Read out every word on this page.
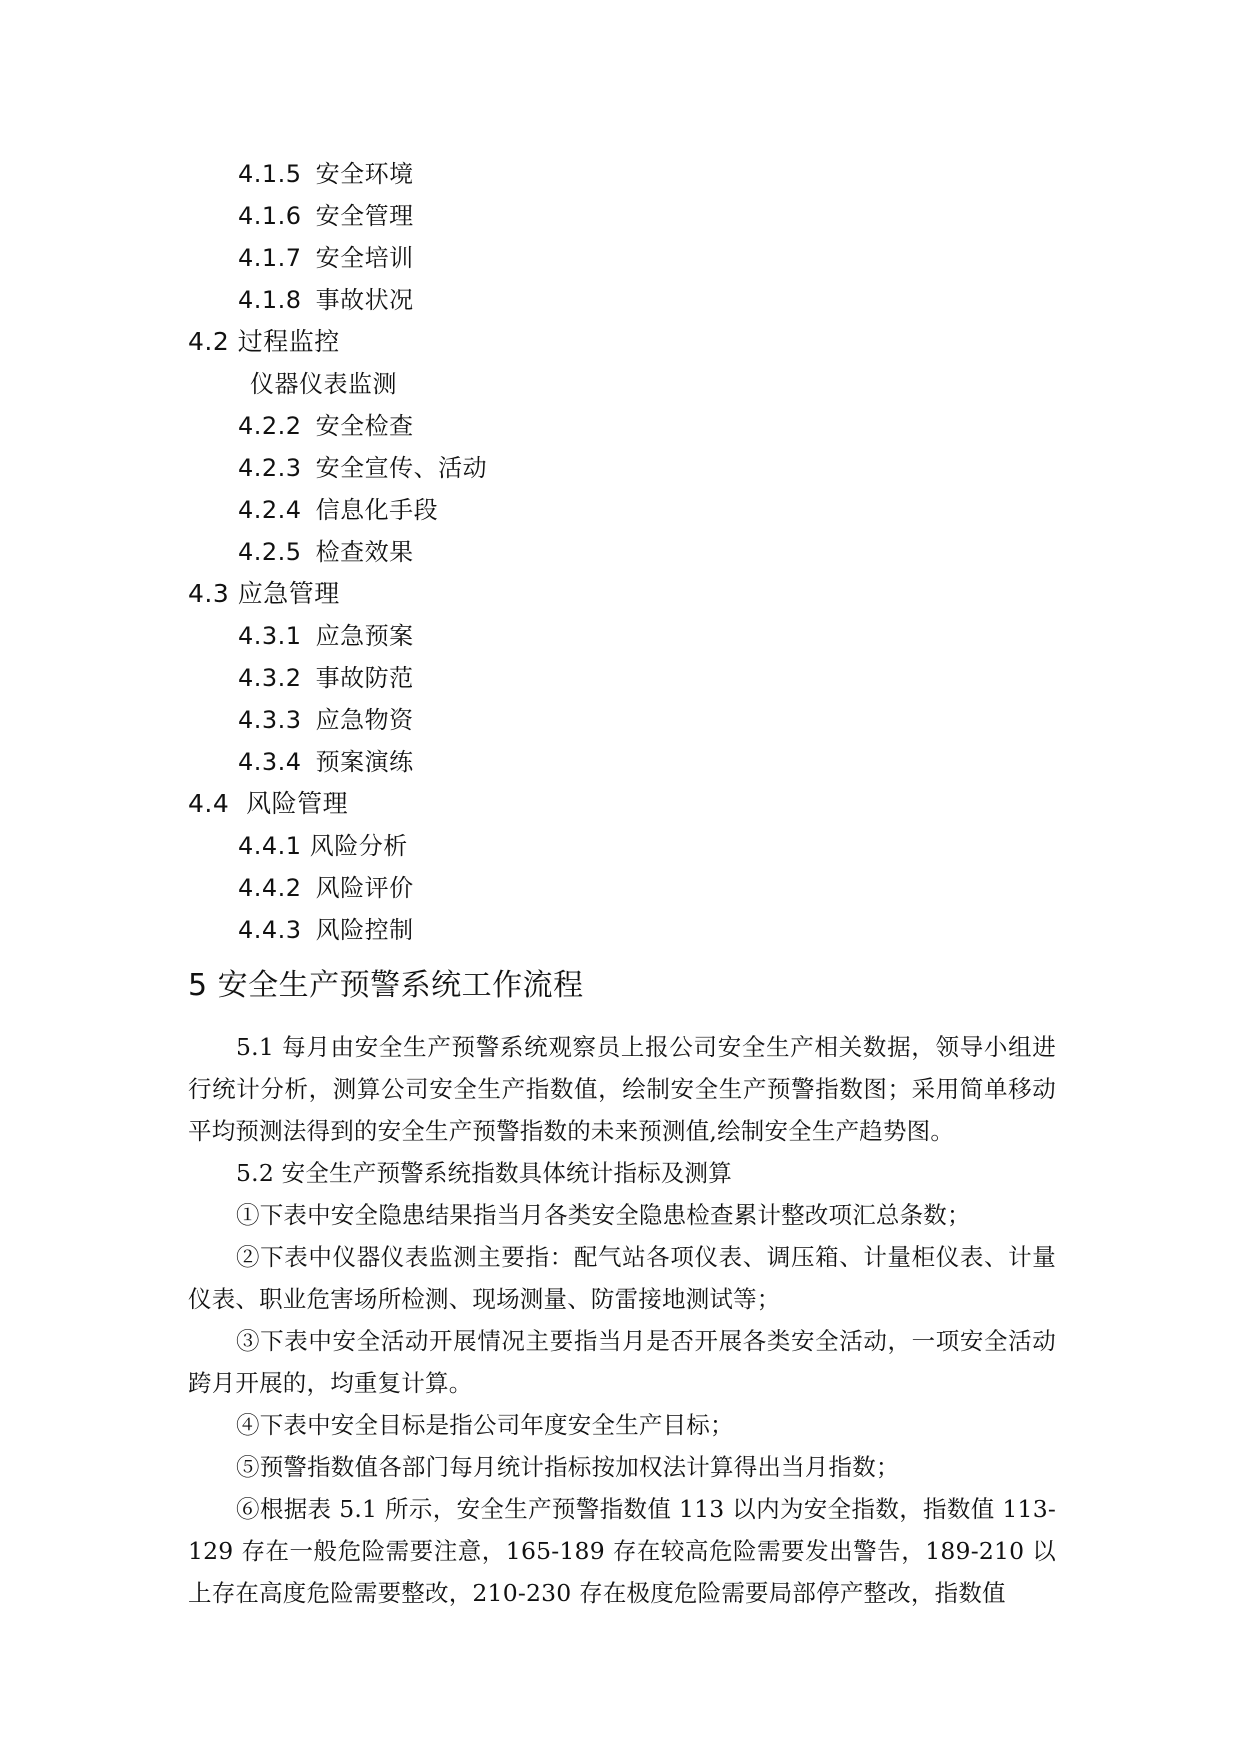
4.1.5 安全环境
4.1.6 安全管理
4.1.7 安全培训
4.1.8 事故状况
4.2 过程监控
仪器仪表监测
4.2.2 安全检查
4.2.3 安全宣传、活动
4.2.4 信息化手段
4.2.5 检查效果
4.3 应急管理
4.3.1 应急预案
4.3.2 事故防范
4.3.3 应急物资
4.3.4 预案演练
4.4  风险管理
4.4.1 风险分析
4.4.2 风险评价
4.4.3 风险控制
5 安全生产预警系统工作流程
5.1 每月由安全生产预警系统观察员上报公司安全生产相关数据，领导小组进行统计分析，测算公司安全生产指数值，绘制安全生产预警指数图；采用简单移动平均预测法得到的安全生产预警指数的未来预测值,绘制安全生产趋势图。
5.2 安全生产预警系统指数具体统计指标及测算
①下表中安全隐患结果指当月各类安全隐患检查累计整改项汇总条数；
②下表中仪器仪表监测主要指：配气站各项仪表、调压箱、计量柜仪表、计量仪表、职业危害场所检测、现场测量、防雷接地测试等；
③下表中安全活动开展情况主要指当月是否开展各类安全活动，一项安全活动跨月开展的，均重复计算。
④下表中安全目标是指公司年度安全生产目标；
⑤预警指数值各部门每月统计指标按加权法计算得出当月指数；
⑥根据表 5.1 所示，安全生产预警指数值 113 以内为安全指数，指数值 113-129 存在一般危险需要注意，165-189 存在较高危险需要发出警告，189-210 以上存在高度危险需要整改，210-230 存在极度危险需要局部停产整改，指数值
